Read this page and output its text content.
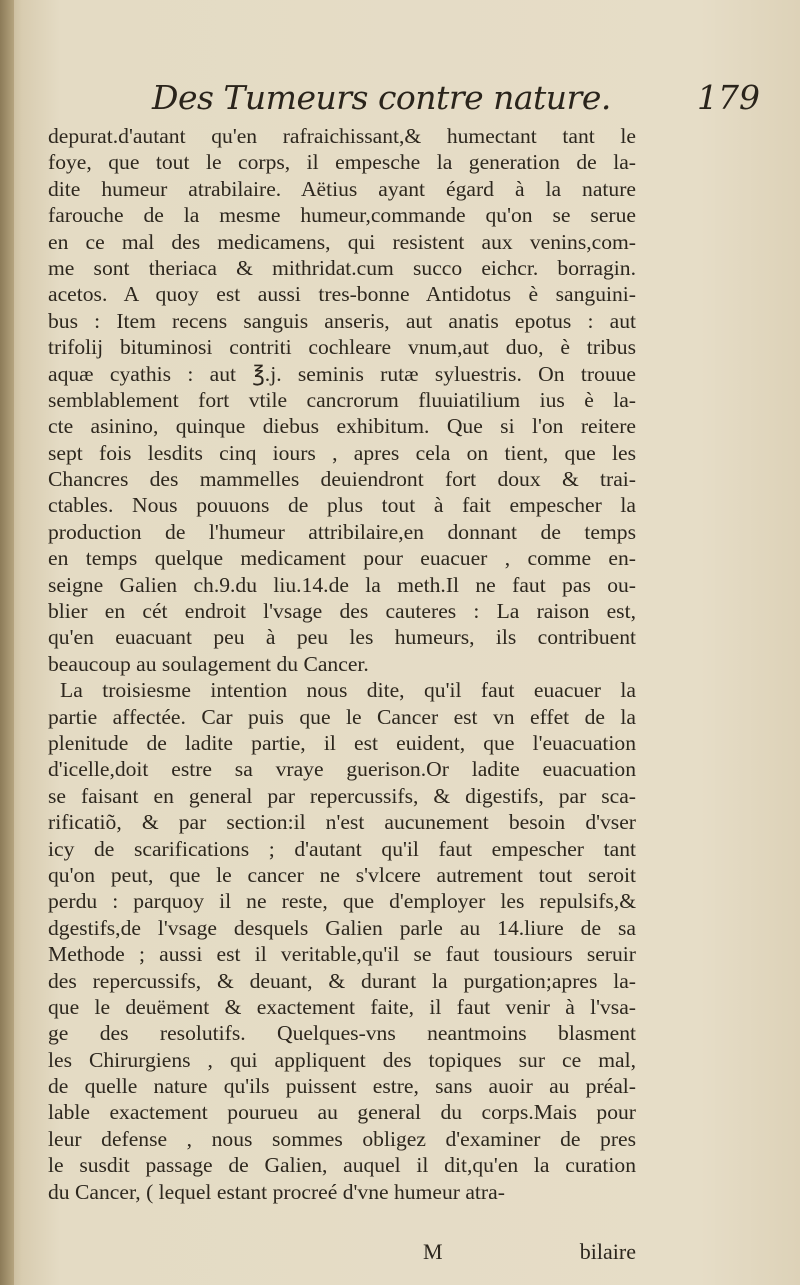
Des Tumeurs contre nature.	179
depurat.d'autant qu'en rafraichissant,& humectant tant le
foye, que tout le corps, il empesche la generation de la-
dite humeur atrabilaire. Aëtius ayant égard à la nature
farouche de la mesme humeur,commande qu'on se serue
en ce mal des medicamens, qui resistent aux venins,com-
me sont theriaca & mithridat.cum succo eichcr. borragin.
acetos. A quoy est aussi tres-bonne Antidotus è sanguini-
bus : Item recens sanguis anseris, aut anatis epotus : aut
trifolij bituminosi contriti cochleare vnum,aut duo, è tribus
aquæ cyathis : aut ℥.j. seminis rutæ syluestris. On trouue
semblablement fort vtile cancrorum fluuiatilium ius è la-
cte asinino, quinque diebus exhibitum. Que si l'on reitere
sept fois lesdits cinq iours , apres cela on tient, que les
Chancres des mammelles deuiendront fort doux & trai-
ctables. Nous pouuons de plus tout à fait empescher la
production de l'humeur attribilaire,en donnant de temps
en temps quelque medicament pour euacuer , comme en-
seigne Galien ch.9.du liu.14.de la meth.Il ne faut pas ou-
blier en cét endroit l'vsage des cauteres : La raison est,
qu'en euacuant peu à peu les humeurs, ils contribuent
beaucoup au soulagement du Cancer.
La troisiesme intention nous dite, qu'il faut euacuer la
partie affectée. Car puis que le Cancer est vn effet de la
plenitude de ladite partie, il est euident, que l'euacuation
d'icelle,doit estre sa vraye guerison.Or ladite euacuation
se faisant en general par repercussifs, & digestifs, par sca-
rificatiõ, & par section:il n'est aucunement besoin d'vser
icy de scarifications ; d'autant qu'il faut empescher tant
qu'on peut, que le cancer ne s'vlcere autrement tout seroit
perdu : parquoy il ne reste, que d'employer les repulsifs,&
dgestifs,de l'vsage desquels Galien parle au 14.liure de sa
Methode ; aussi est il veritable,qu'il se faut tousiours seruir
des repercussifs, & deuant, & durant la purgation;apres la-
que le deuëment & exactement faite, il faut venir à l'vsa-
ge des resolutifs. Quelques-vns neantmoins blasment
les Chirurgiens , qui appliquent des topiques sur ce mal,
de quelle nature qu'ils puissent estre, sans auoir au préal-
lable exactement pourueu au general du corps.Mais pour
leur defense , nous sommes obligez d'examiner de pres
le susdit passage de Galien, auquel il dit,qu'en la curation
du Cancer, ( lequel estant procreé d'vne humeur atra-
M	bilaire
